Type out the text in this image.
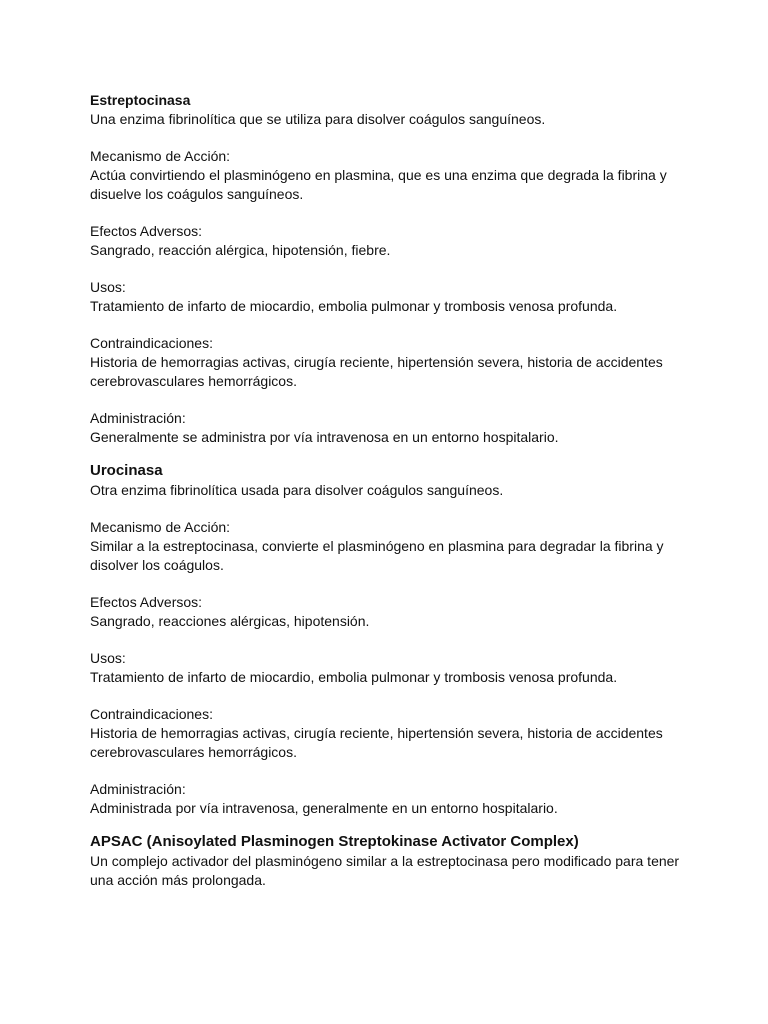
Estreptocinasa
Una enzima fibrinolítica que se utiliza para disolver coágulos sanguíneos.
Mecanismo de Acción:
Actúa convirtiendo el plasminógeno en plasmina, que es una enzima que degrada la fibrina y disuelve los coágulos sanguíneos.
Efectos Adversos:
Sangrado, reacción alérgica, hipotensión, fiebre.
Usos:
Tratamiento de infarto de miocardio, embolia pulmonar y trombosis venosa profunda.
Contraindicaciones:
Historia de hemorragias activas, cirugía reciente, hipertensión severa, historia de accidentes cerebrovasculares hemorrágicos.
Administración:
Generalmente se administra por vía intravenosa en un entorno hospitalario.
Urocinasa
Otra enzima fibrinolítica usada para disolver coágulos sanguíneos.
Mecanismo de Acción:
Similar a la estreptocinasa, convierte el plasminógeno en plasmina para degradar la fibrina y disolver los coágulos.
Efectos Adversos:
Sangrado, reacciones alérgicas, hipotensión.
Usos:
Tratamiento de infarto de miocardio, embolia pulmonar y trombosis venosa profunda.
Contraindicaciones:
Historia de hemorragias activas, cirugía reciente, hipertensión severa, historia de accidentes cerebrovasculares hemorrágicos.
Administración:
Administrada por vía intravenosa, generalmente en un entorno hospitalario.
APSAC (Anisoylated Plasminogen Streptokinase Activator Complex)
Un complejo activador del plasminógeno similar a la estreptocinasa pero modificado para tener una acción más prolongada.
